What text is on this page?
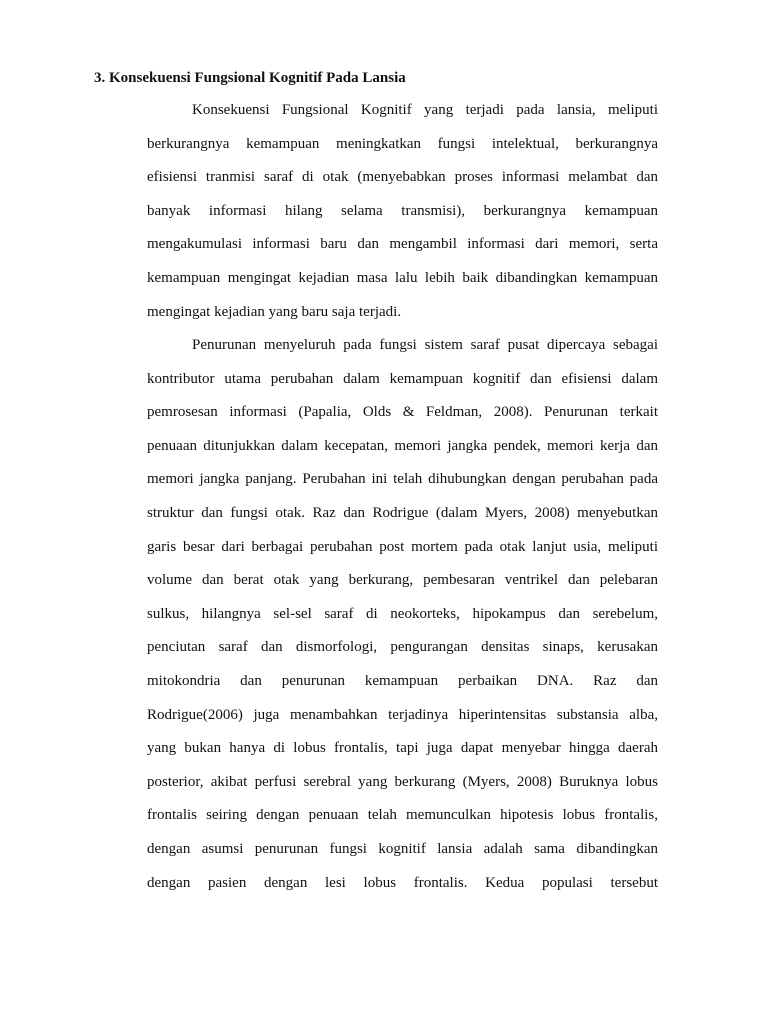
3. Konsekuensi Fungsional Kognitif Pada Lansia
Konsekuensi Fungsional Kognitif yang terjadi pada lansia, meliputi
berkurangnya kemampuan meningkatkan fungsi intelektual, berkurangnya
efisiensi tranmisi saraf di otak (menyebabkan proses informasi melambat dan
banyak informasi hilang selama transmisi), berkurangnya kemampuan
mengakumulasi informasi baru dan mengambil informasi dari memori, serta
kemampuan mengingat kejadian masa lalu lebih baik dibandingkan kemampuan
mengingat kejadian yang baru saja terjadi.
Penurunan menyeluruh pada fungsi sistem saraf pusat dipercaya sebagai
kontributor utama perubahan dalam kemampuan kognitif dan efisiensi dalam
pemrosesan informasi (Papalia, Olds & Feldman, 2008). Penurunan terkait
penuaan ditunjukkan dalam kecepatan, memori jangka pendek, memori kerja dan
memori jangka panjang. Perubahan ini telah dihubungkan dengan perubahan pada
struktur dan fungsi otak. Raz dan Rodrigue (dalam Myers, 2008) menyebutkan
garis besar dari berbagai perubahan post mortem pada otak lanjut usia, meliputi
volume dan berat otak yang berkurang, pembesaran ventrikel dan pelebaran
sulkus, hilangnya sel-sel saraf di neokorteks, hipokampus dan serebelum,
penciutan saraf dan dismorfologi, pengurangan densitas sinaps, kerusakan
mitokondria dan penurunan kemampuan perbaikan DNA. Raz dan
Rodrigue(2006) juga menambahkan terjadinya hiperintensitas substansia alba,
yang bukan hanya di lobus frontalis, tapi juga dapat menyebar hingga daerah
posterior, akibat perfusi serebral yang berkurang (Myers, 2008) Buruknya lobus
frontalis seiring dengan penuaan telah memunculkan hipotesis lobus frontalis,
dengan asumsi penurunan fungsi kognitif lansia adalah sama dibandingkan
dengan pasien dengan lesi lobus frontalis. Kedua populasi tersebut
